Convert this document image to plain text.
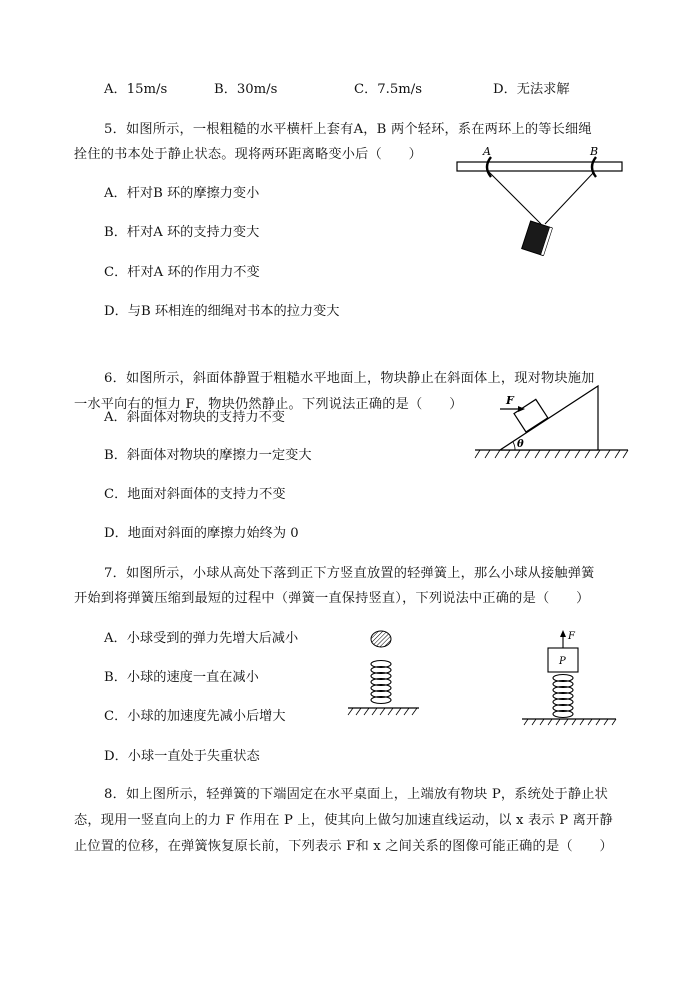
A．15m/s	B．30m/s	C．7.5m/s	D．无法求解
5．如图所示，一根粗糙的水平横杆上套有A，B 两个轻环，系在两环上的等长细绳
拴住的书本处于静止状态。现将两环距离略变小后（　　）
A．杆对B 环的摩擦力变小
B．杆对A 环的支持力变大
C．杆对A 环的作用力不变
D．与B 环相连的细绳对书本的拉力变大
A	B
6．如图所示，斜面体静置于粗糙水平地面上，物块静止在斜面体上，现对物块施加
一水平向右的恒力 F，物块仍然静止。下列说法正确的是（　　）
A．斜面体对物块的支持力不变
B．斜面体对物块的摩擦力一定变大
C．地面对斜面体的支持力不变
D．地面对斜面的摩擦力始终为 0
θ
F
7．如图所示，小球从高处下落到正下方竖直放置的轻弹簧上，那么小球从接触弹簧
开始到将弹簧压缩到最短的过程中（弹簧一直保持竖直），下列说法中正确的是（　　）
A．小球受到的弹力先增大后减小
B．小球的速度一直在减小
C．小球的加速度先减小后增大
D．小球一直处于失重状态
F
P
8．如上图所示，轻弹簧的下端固定在水平桌面上，上端放有物块 P，系统处于静止状
态，现用一竖直向上的力 F 作用在 P 上，使其向上做匀加速直线运动，以 x 表示 P 离开静
止位置的位移，在弹簧恢复原长前，下列表示 F和 x 之间关系的图像可能正确的是（　　）
